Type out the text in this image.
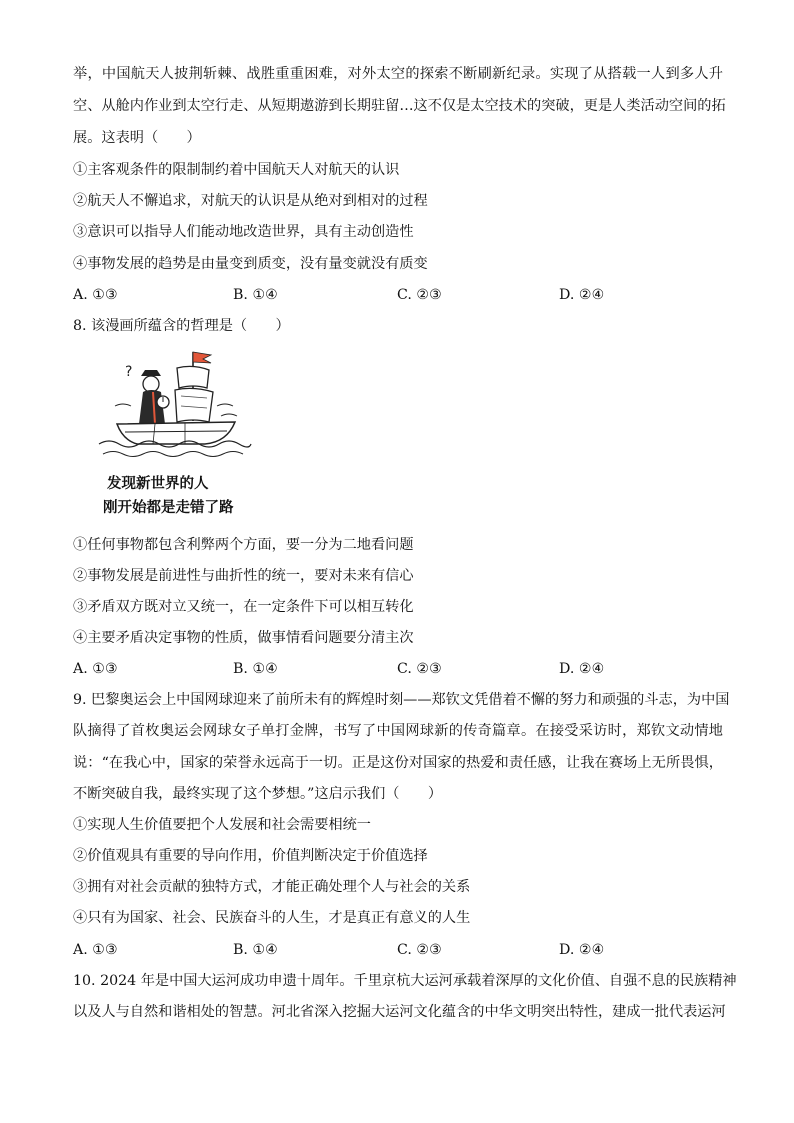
举，中国航天人披荆斩棘、战胜重重困难，对外太空的探索不断刷新纪录。实现了从搭载一人到多人升
空、从舱内作业到太空行走、从短期遨游到长期驻留…这不仅是太空技术的突破，更是人类活动空间的拓
展。这表明（　　）
①主客观条件的限制制约着中国航天人对航天的认识
②航天人不懈追求，对航天的认识是从绝对到相对的过程
③意识可以指导人们能动地改造世界，具有主动创造性
④事物发展的趋势是由量变到质变，没有量变就没有质变
A. ①③	B. ①④	C. ②③	D. ②④
8. 该漫画所蕴含的哲理是（　　）
?
发现新世界的人
刚开始都是走错了路
①任何事物都包含利弊两个方面，要一分为二地看问题
②事物发展是前进性与曲折性的统一，要对未来有信心
③矛盾双方既对立又统一，在一定条件下可以相互转化
④主要矛盾决定事物的性质，做事情看问题要分清主次
A. ①③	B. ①④	C. ②③	D. ②④
9. 巴黎奥运会上中国网球迎来了前所未有的辉煌时刻——郑钦文凭借着不懈的努力和顽强的斗志，为中国
队摘得了首枚奥运会网球女子单打金牌，书写了中国网球新的传奇篇章。在接受采访时，郑钦文动情地
说：“在我心中，国家的荣誉永远高于一切。正是这份对国家的热爱和责任感，让我在赛场上无所畏惧，
不断突破自我，最终实现了这个梦想。”这启示我们（　　）
①实现人生价值要把个人发展和社会需要相统一
②价值观具有重要的导向作用，价值判断决定于价值选择
③拥有对社会贡献的独特方式，才能正确处理个人与社会的关系
④只有为国家、社会、民族奋斗的人生，才是真正有意义的人生
A. ①③	B. ①④	C. ②③	D. ②④
10. 2024 年是中国大运河成功申遗十周年。千里京杭大运河承载着深厚的文化价值、自强不息的民族精神
以及人与自然和谐相处的智慧。河北省深入挖掘大运河文化蕴含的中华文明突出特性，建成一批代表运河
